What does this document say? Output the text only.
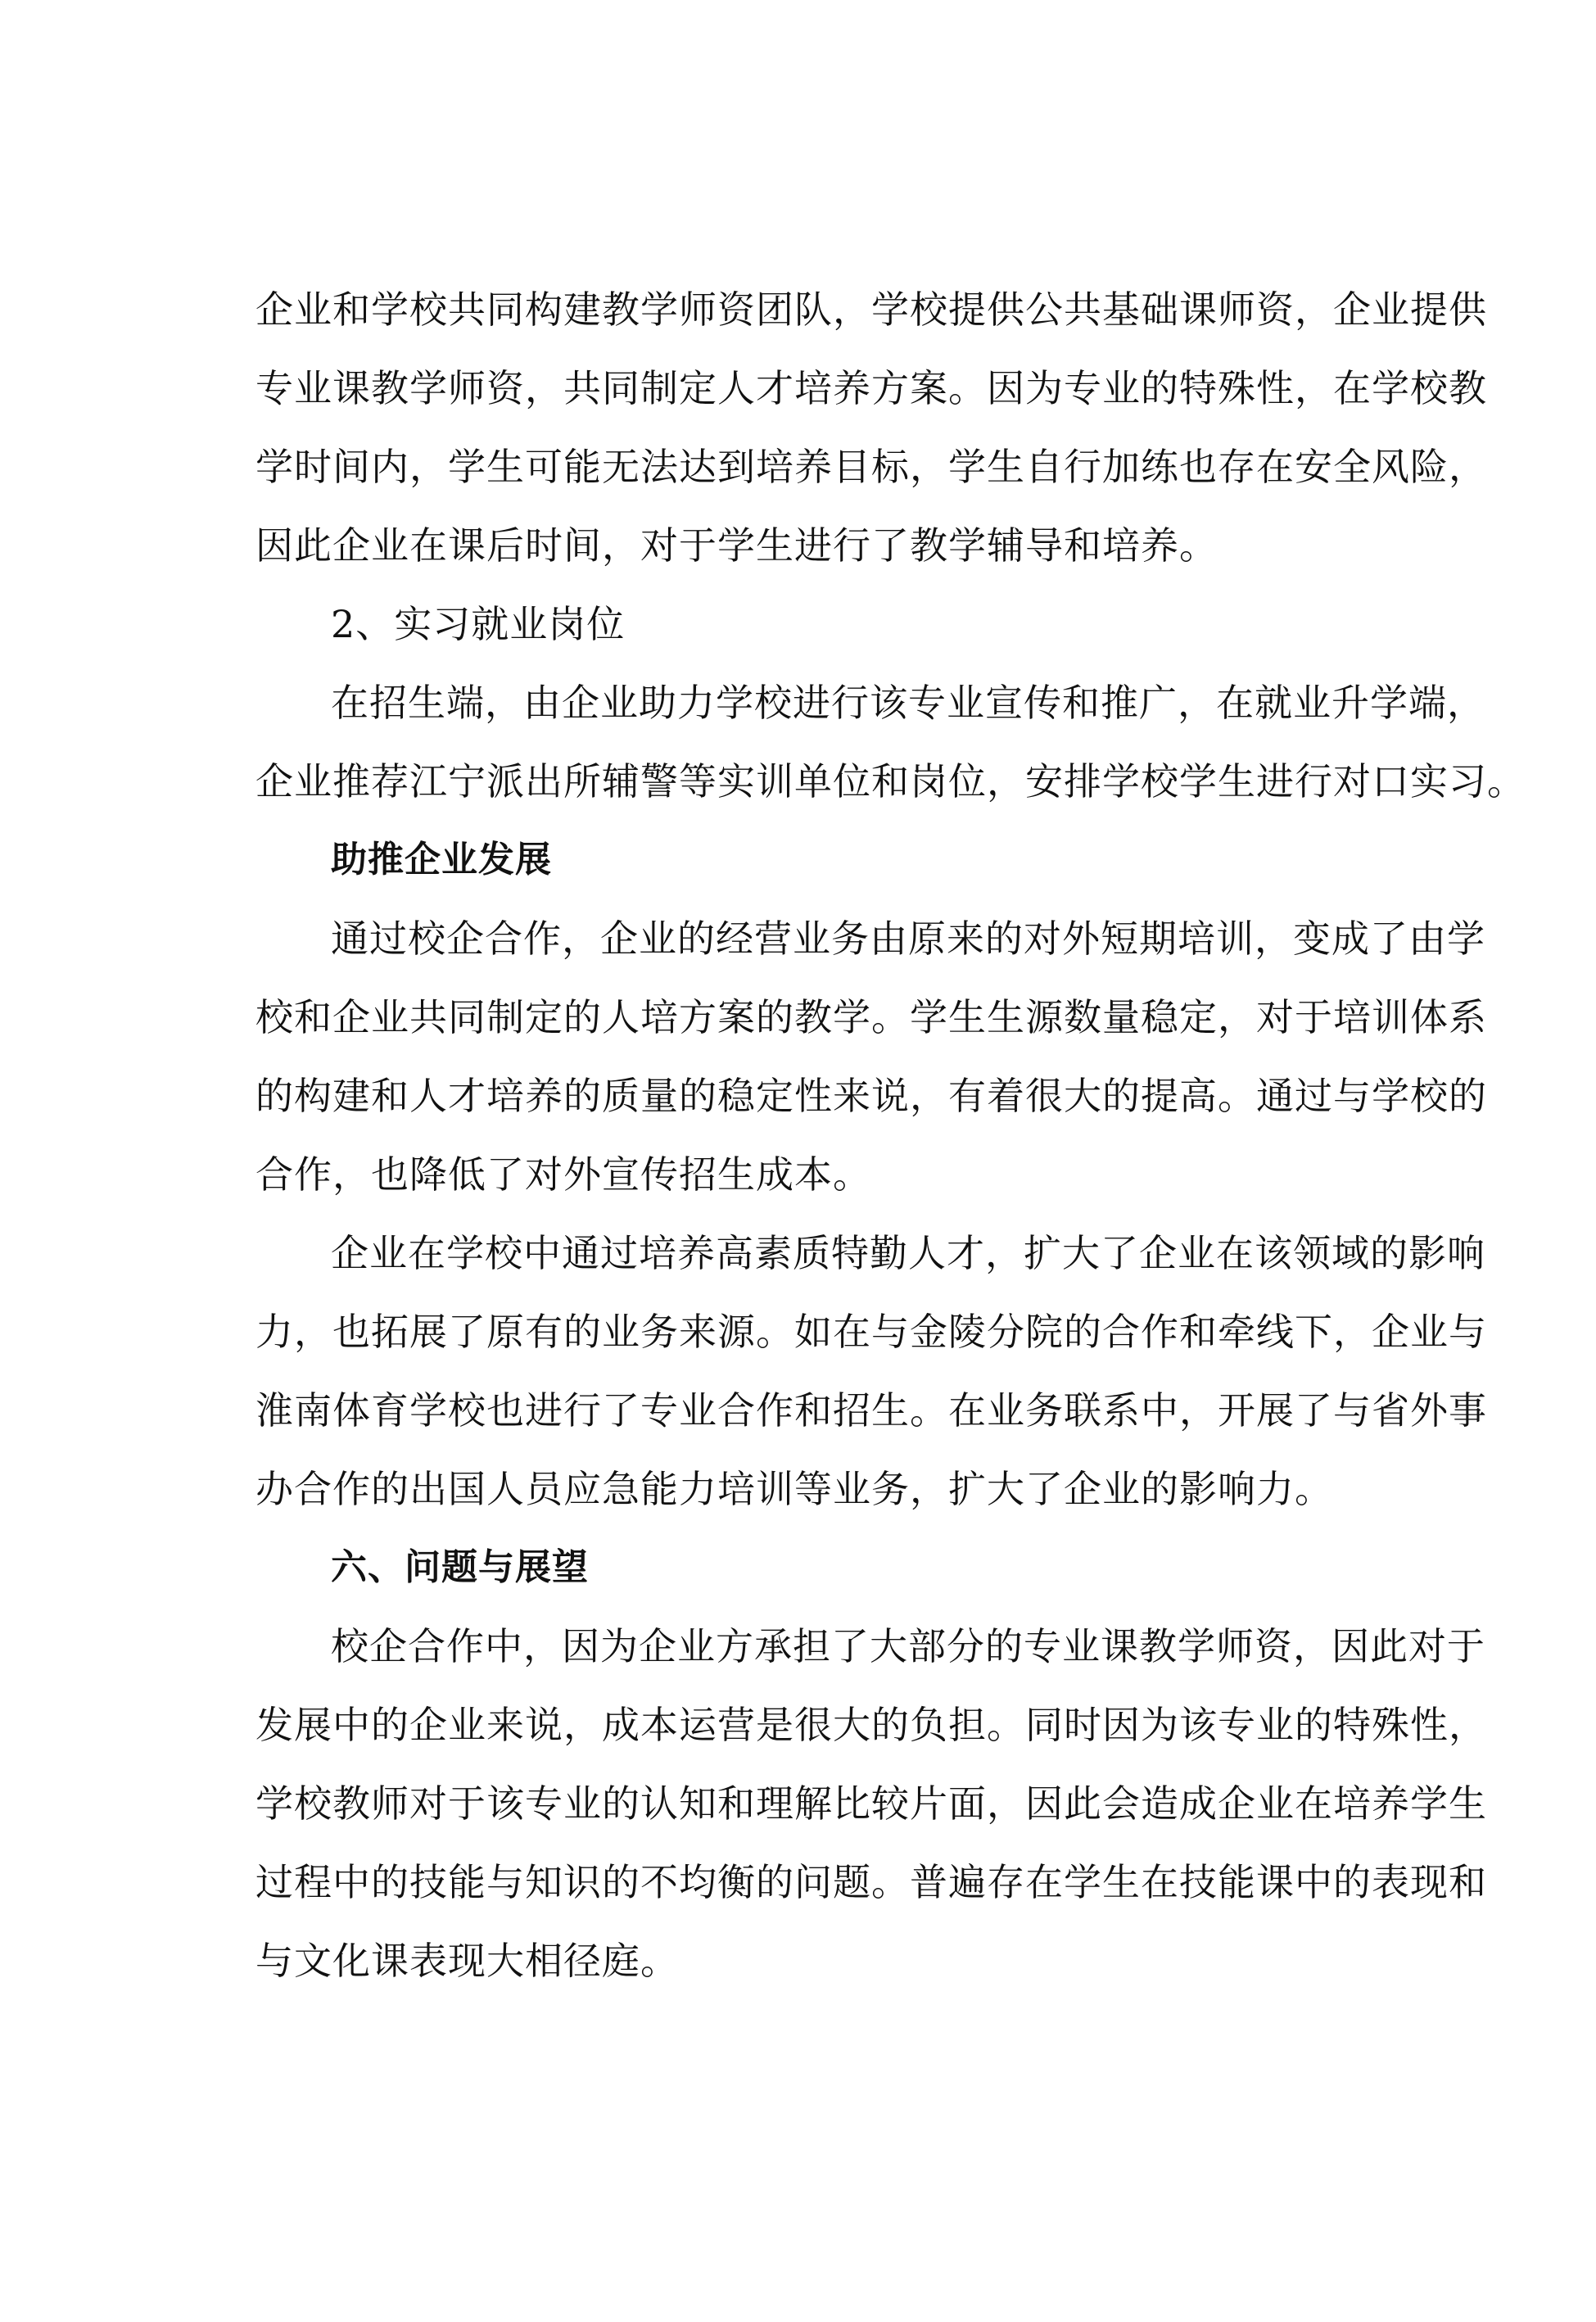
企业和学校共同构建教学师资团队，学校提供公共基础课师资，企业提供
专业课教学师资，共同制定人才培养方案。因为专业的特殊性，在学校教
学时间内，学生可能无法达到培养目标，学生自行加练也存在安全风险，
因此企业在课后时间，对于学生进行了教学辅导和培养。
2、实习就业岗位
在招生端，由企业助力学校进行该专业宣传和推广，在就业升学端，
企业推荐江宁派出所辅警等实训单位和岗位，安排学校学生进行对口实习。
助推企业发展
通过校企合作，企业的经营业务由原来的对外短期培训，变成了由学
校和企业共同制定的人培方案的教学。学生生源数量稳定，对于培训体系
的构建和人才培养的质量的稳定性来说，有着很大的提高。通过与学校的
合作，也降低了对外宣传招生成本。
企业在学校中通过培养高素质特勤人才，扩大了企业在该领域的影响
力，也拓展了原有的业务来源。如在与金陵分院的合作和牵线下，企业与
淮南体育学校也进行了专业合作和招生。在业务联系中，开展了与省外事
办合作的出国人员应急能力培训等业务，扩大了企业的影响力。
六、问题与展望
校企合作中，因为企业方承担了大部分的专业课教学师资，因此对于
发展中的企业来说，成本运营是很大的负担。同时因为该专业的特殊性，
学校教师对于该专业的认知和理解比较片面，因此会造成企业在培养学生
过程中的技能与知识的不均衡的问题。普遍存在学生在技能课中的表现和
与文化课表现大相径庭。
